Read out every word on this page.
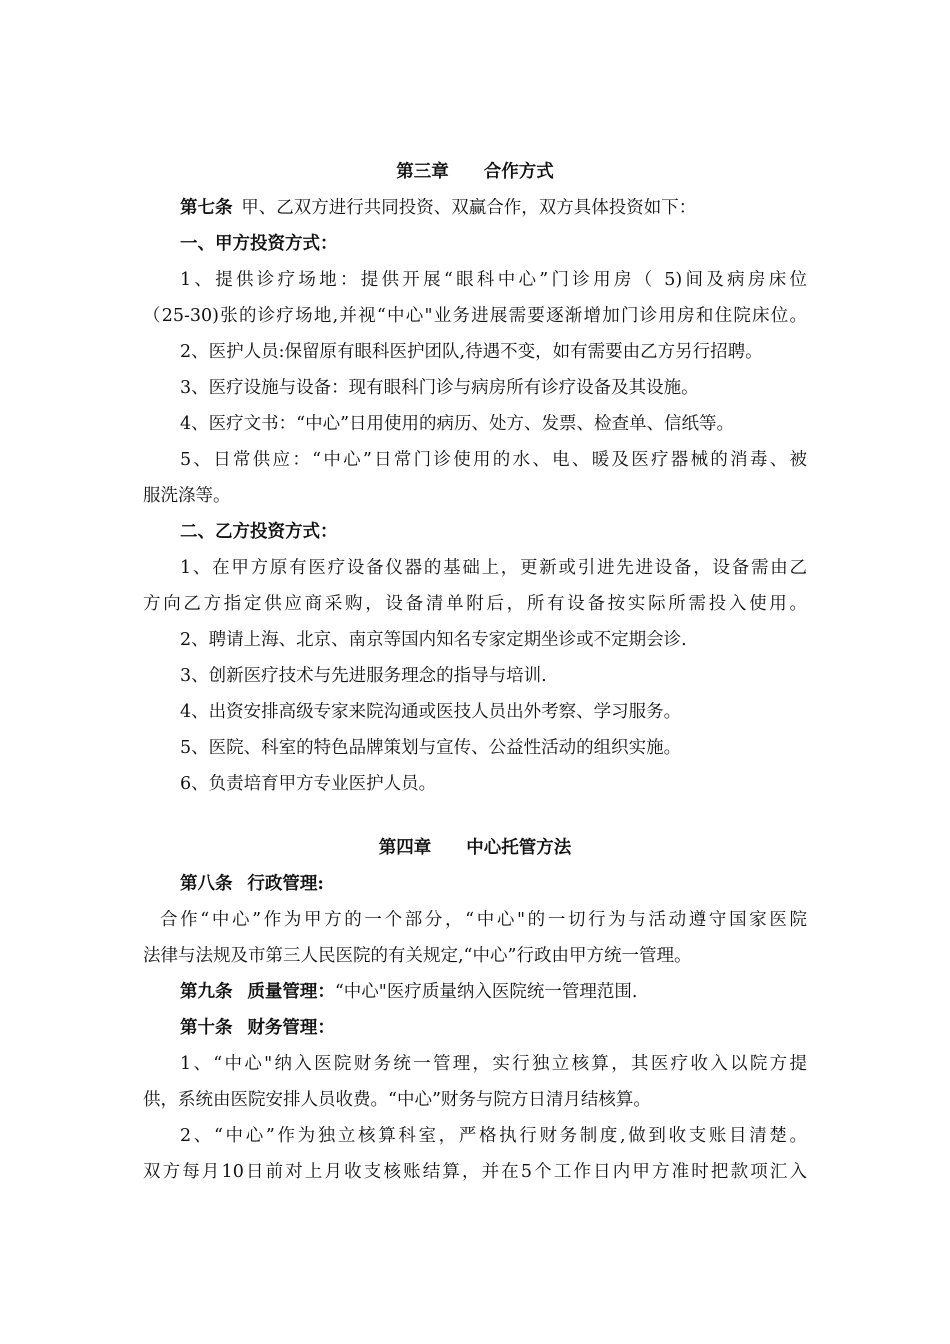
第三章  合作方式
第七条 甲、乙双方进行共同投资、双赢合作，双方具体投资如下：
一、甲方投资方式：
1、提供诊疗场地：提供开展“眼科中心”门诊用房（ 5)间及病房床位
（25-30)张的诊疗场地,并视“中心"业务进展需要逐渐增加门诊用房和住院床位。
2、医护人员:保留原有眼科医护团队,待遇不变，如有需要由乙方另行招聘。
3、医疗设施与设备：现有眼科门诊与病房所有诊疗设备及其设施。
4、医疗文书：“中心”日用使用的病历、处方、发票、检查单、信纸等。
5、日常供应：“中心”日常门诊使用的水、电、暖及医疗器械的消毒、被
服洗涤等。
二、乙方投资方式：
1、在甲方原有医疗设备仪器的基础上，更新或引进先进设备，设备需由乙
方向乙方指定供应商采购，设备清单附后，所有设备按实际所需投入使用。
2、聘请上海、北京、南京等国内知名专家定期坐诊或不定期会诊.
3、创新医疗技术与先进服务理念的指导与培训.
4、出资安排高级专家来院沟通或医技人员出外考察、学习服务。
5、医院、科室的特色品牌策划与宣传、公益性活动的组织实施。
6、负责培育甲方专业医护人员。
第四章  中心托管方法
第八条  行政管理:
合作“中心”作为甲方的一个部分，“中心"的一切行为与活动遵守国家医院
法律与法规及市第三人民医院的有关规定,“中心”行政由甲方统一管理。
第九条  质量管理：“中心"医疗质量纳入医院统一管理范围.
第十条  财务管理：
1、“中心"纳入医院财务统一管理，实行独立核算，其医疗收入以院方提
供，系统由医院安排人员收费。“中心”财务与院方日清月结核算。
2、“中心”作为独立核算科室，严格执行财务制度,做到收支账目清楚。
双方每月10日前对上月收支核账结算，并在5个工作日内甲方准时把款项汇入
